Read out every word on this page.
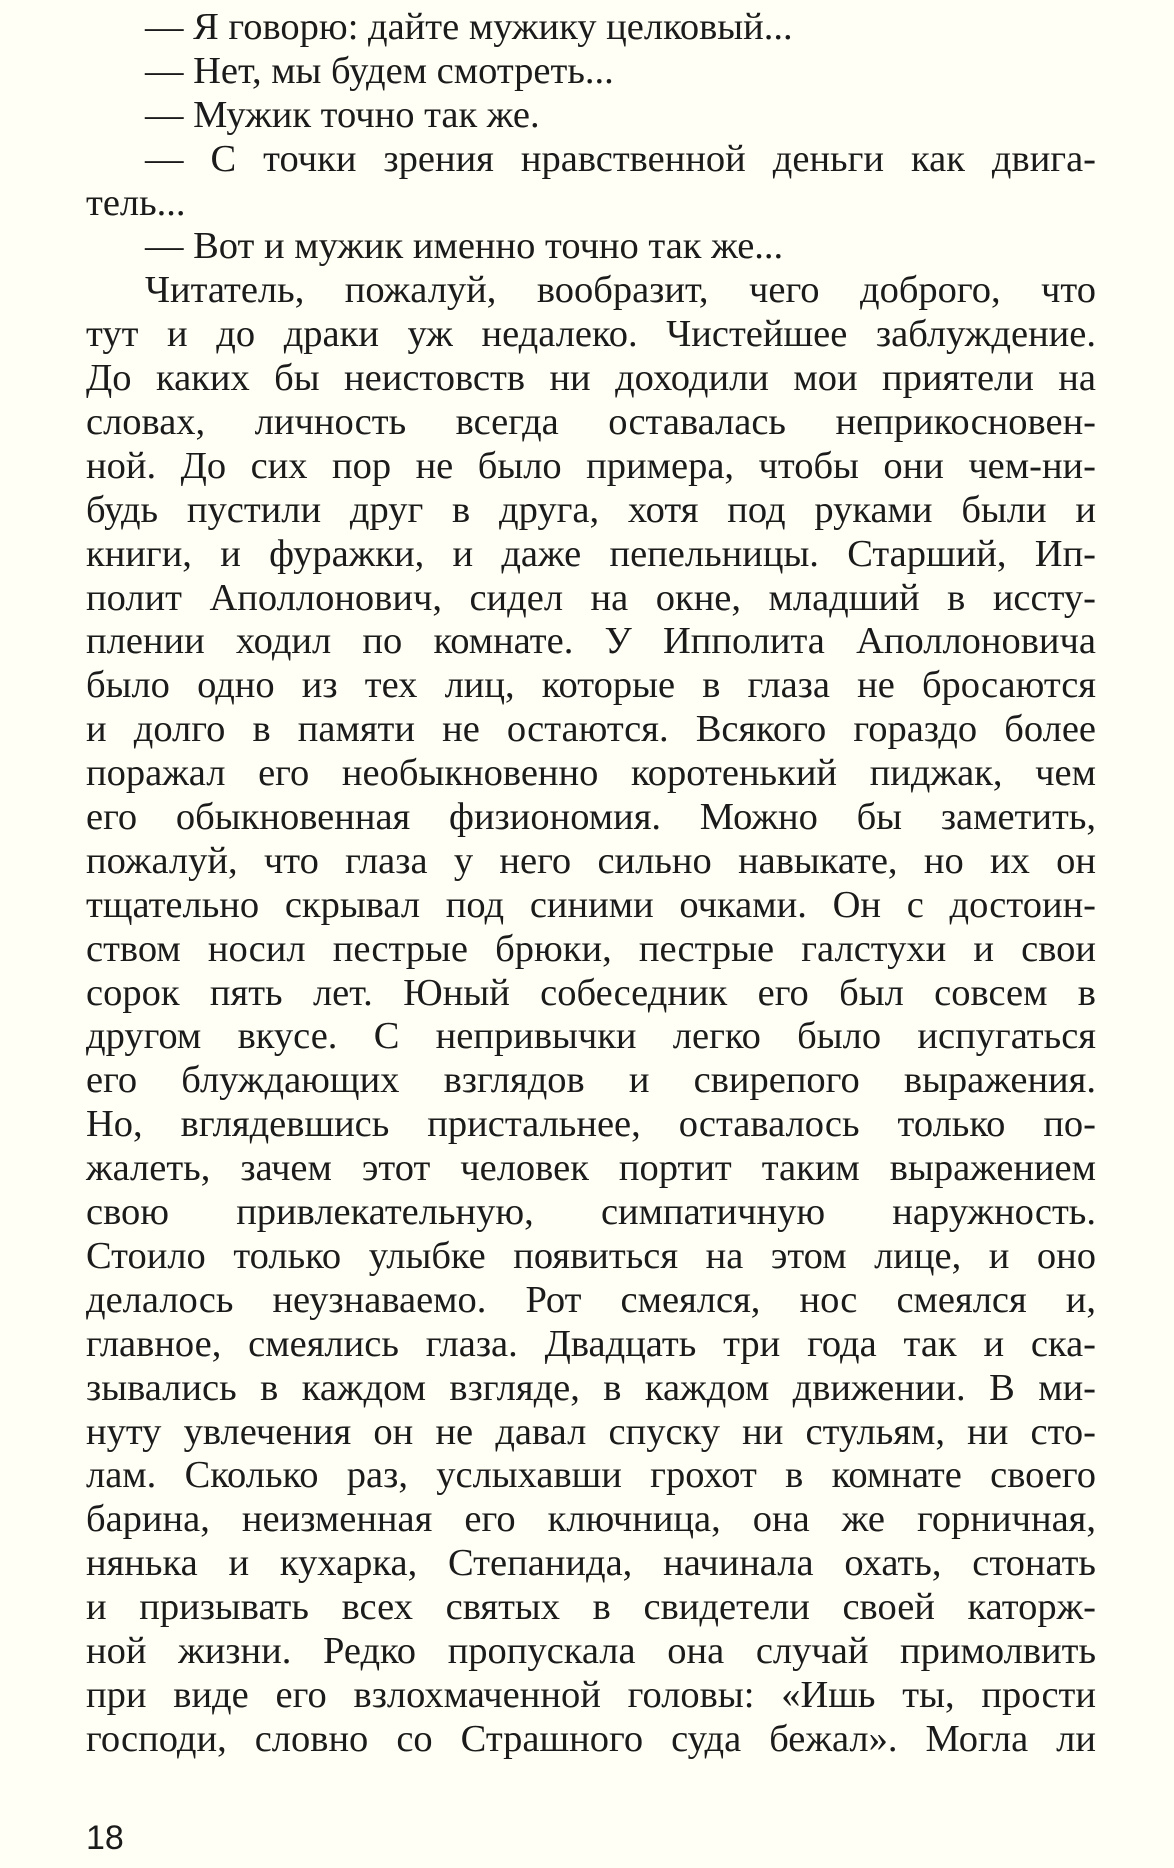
— Я говорю: дайте мужику целковый...
— Нет, мы будем смотреть...
— Мужик точно так же.
— С точки зрения нравственной деньги как двига-
тель...
— Вот и мужик именно точно так же...
Читатель, пожалуй, вообразит, чего доброго, что
тут и до драки уж недалеко. Чистейшее заблуждение.
До каких бы неистовств ни доходили мои приятели на
словах, личность всегда оставалась неприкосновен-
ной. До сих пор не было примера, чтобы они чем-ни-
будь пустили друг в друга, хотя под руками были и
книги, и фуражки, и даже пепельницы. Старший, Ип-
полит Аполлонович, сидел на окне, младший в иссту-
плении ходил по комнате. У Ипполита Аполлоновича
было одно из тех лиц, которые в глаза не бросаются
и долго в памяти не остаются. Всякого гораздо более
поражал его необыкновенно коротенький пиджак, чем
его обыкновенная физиономия. Можно бы заметить,
пожалуй, что глаза у него сильно навыкате, но их он
тщательно скрывал под синими очками. Он с достоин-
ством носил пестрые брюки, пестрые галстухи и свои
сорок пять лет. Юный собеседник его был совсем в
другом вкусе. С непривычки легко было испугаться
его блуждающих взглядов и свирепого выражения.
Но, вглядевшись пристальнее, оставалось только по-
жалеть, зачем этот человек портит таким выражением
свою привлекательную, симпатичную наружность.
Стоило только улыбке появиться на этом лице, и оно
делалось неузнаваемо. Рот смеялся, нос смеялся и,
главное, смеялись глаза. Двадцать три года так и ска-
зывались в каждом взгляде, в каждом движении. В ми-
нуту увлечения он не давал спуску ни стульям, ни сто-
лам. Сколько раз, услыхавши грохот в комнате своего
барина, неизменная его ключница, она же горничная,
нянька и кухарка, Степанида, начинала охать, стонать
и призывать всех святых в свидетели своей каторж-
ной жизни. Редко пропускала она случай примолвить
при виде его взлохмаченной головы: «Ишь ты, прости
господи, словно со Страшного суда бежал». Могла ли
18
